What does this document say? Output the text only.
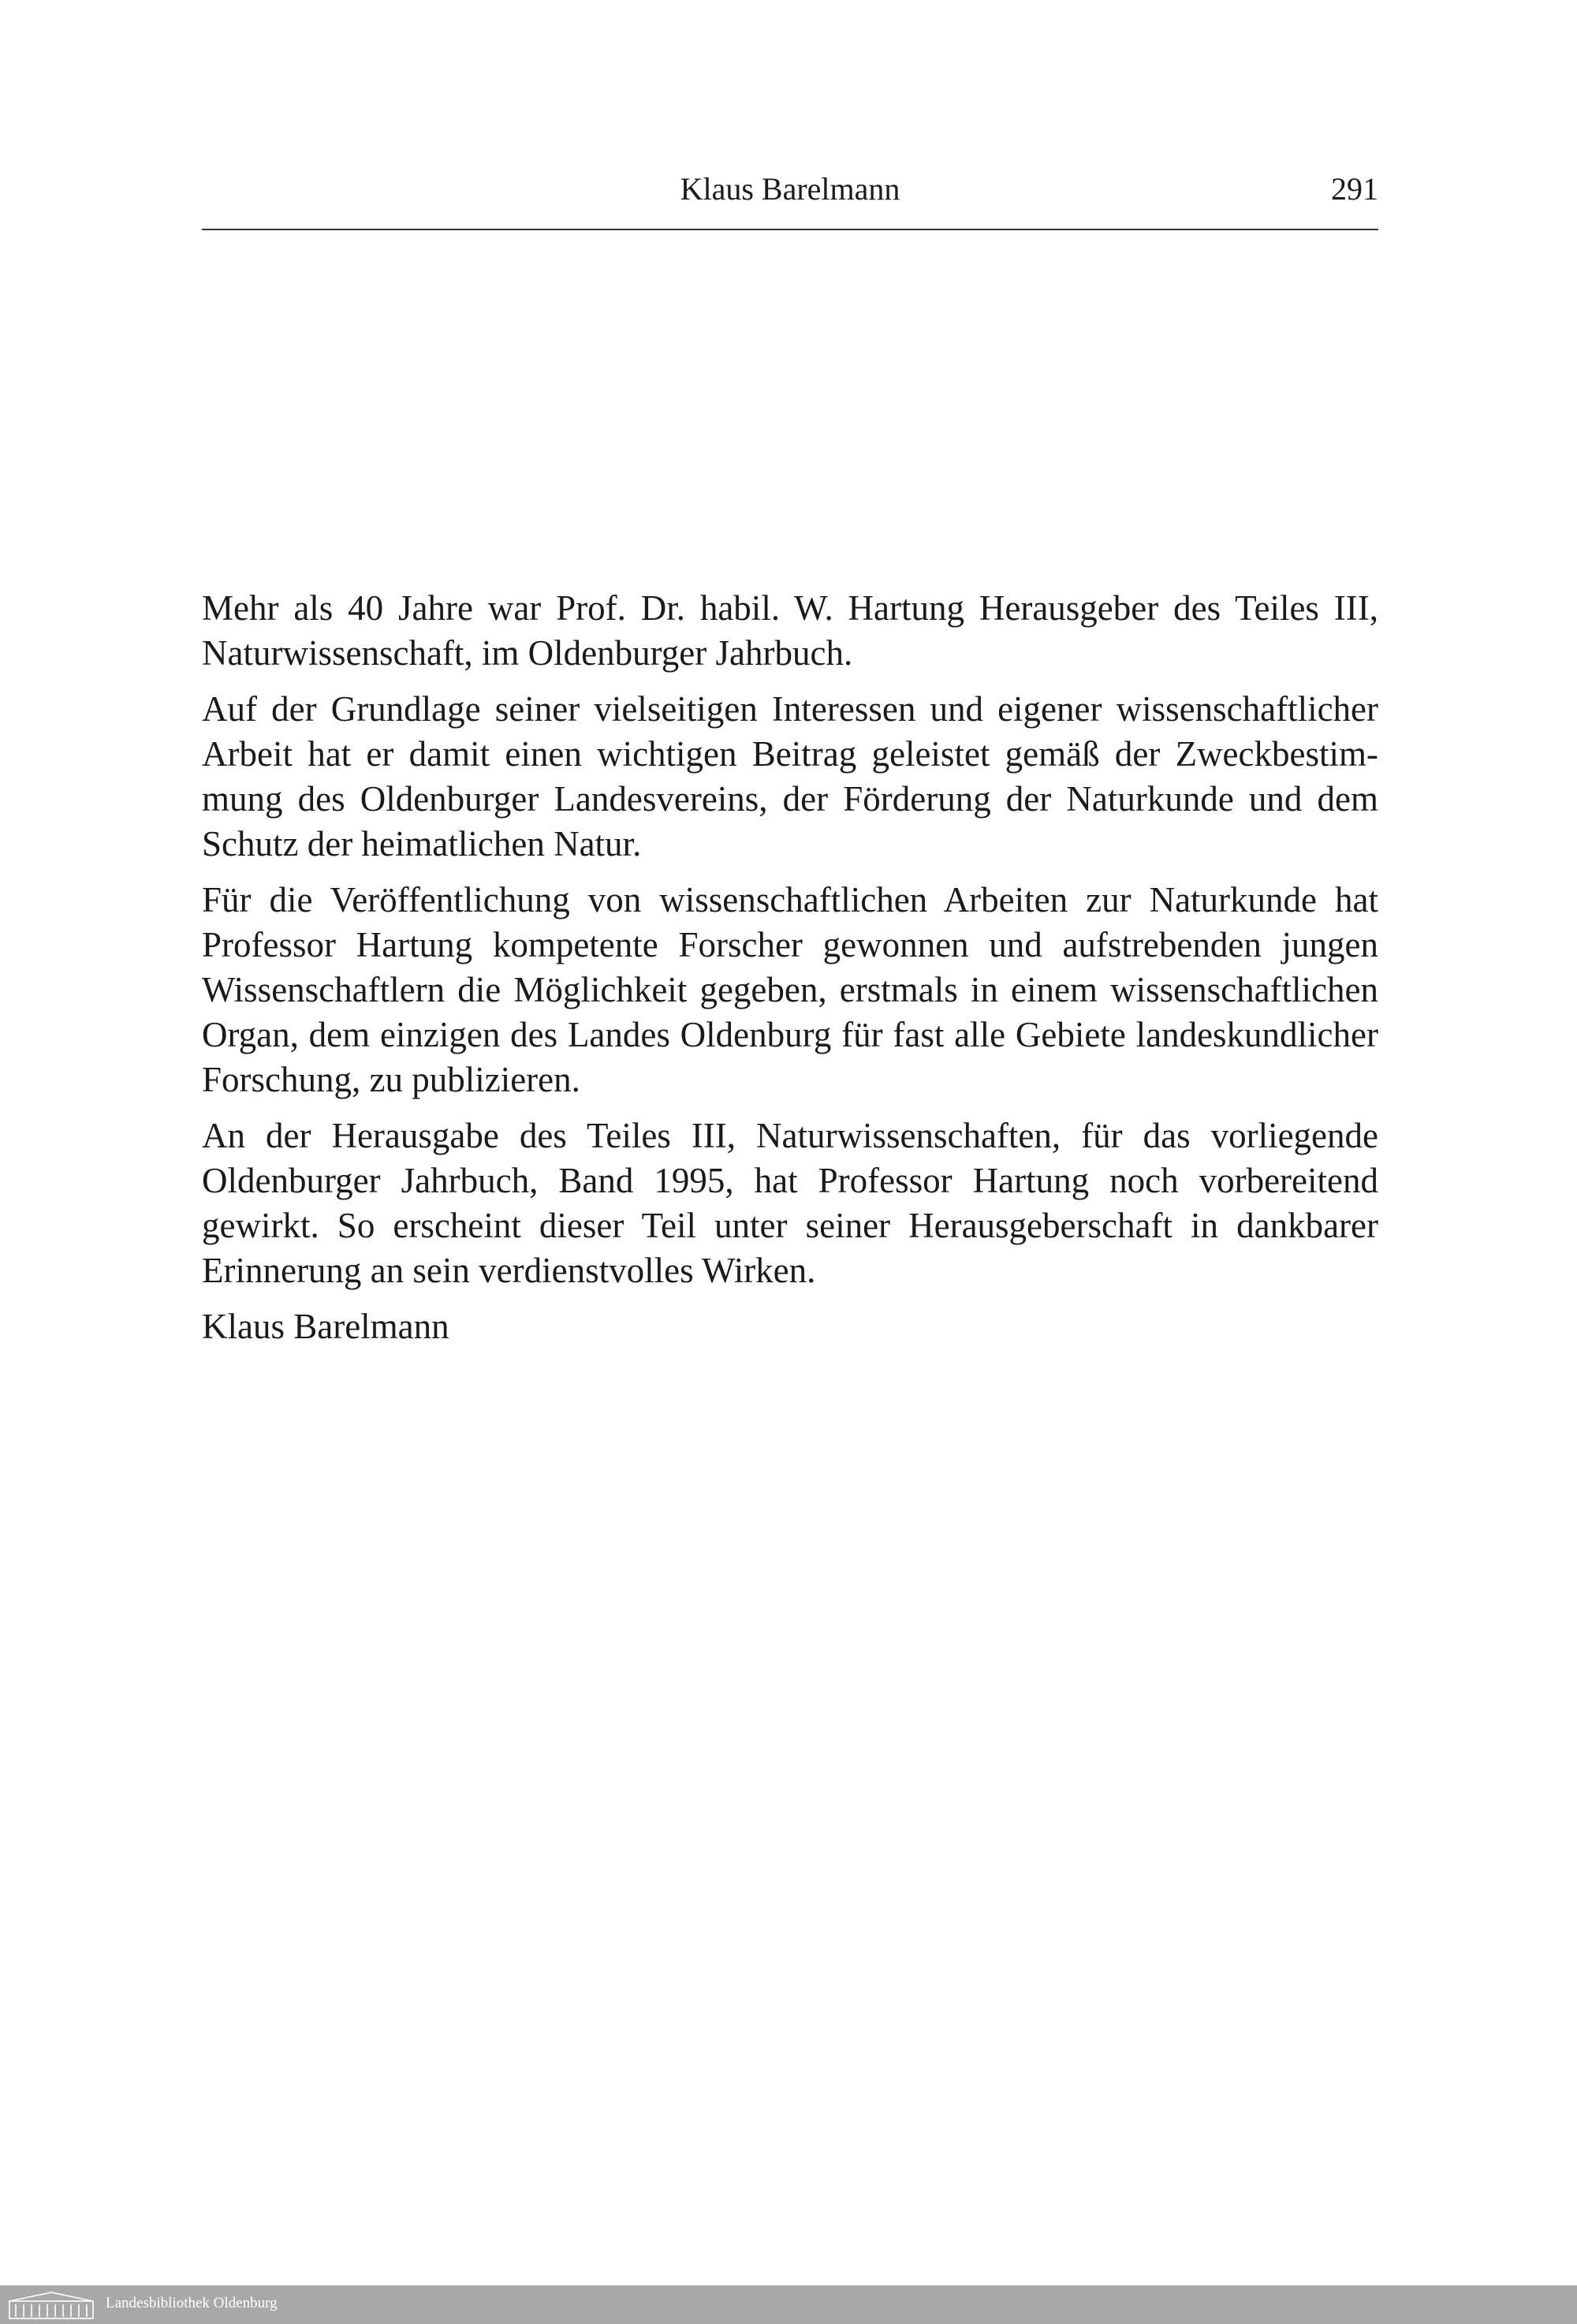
Klaus Barelmann	291

Mehr als 40 Jahre war Prof. Dr. habil. W. Hartung Herausgeber des Teiles III, Naturwissenschaft, im Oldenburger Jahrbuch.

Auf der Grundlage seiner vielseitigen Interessen und eigener wissenschaftlicher Arbeit hat er damit einen wichtigen Beitrag geleistet gemäß der Zweckbestimmung des Oldenburger Landesvereins, der Förderung der Naturkunde und dem Schutz der heimatlichen Natur.

Für die Veröffentlichung von wissenschaftlichen Arbeiten zur Naturkunde hat Professor Hartung kompetente Forscher gewonnen und aufstrebenden jungen Wissenschaftlern die Möglichkeit gegeben, erstmals in einem wissenschaftlichen Organ, dem einzigen des Landes Oldenburg für fast alle Gebiete landeskundlicher Forschung, zu publizieren.

An der Herausgabe des Teiles III, Naturwissenschaften, für das vorliegende Oldenburger Jahrbuch, Band 1995, hat Professor Hartung noch vorbereitend gewirkt. So erscheint dieser Teil unter seiner Herausgeberschaft in dankbarer Erinnerung an sein verdienstvolles Wirken.

Klaus Barelmann

Landesbibliothek Oldenburg
